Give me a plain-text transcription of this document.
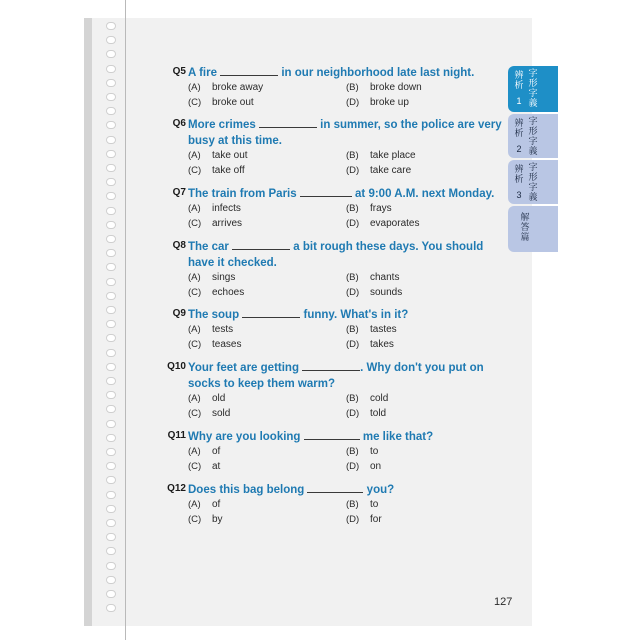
Q5 A fire	in our neighborhood late last night.
(A) broke away	(B) broke down
(C) broke out	(D) broke up
Q6 More crimes	in summer, so the police are very busy at this time.
(A) take out	(B) take place
(C) take off	(D) take care
Q7 The train from Paris	at 9:00 A.M. next Monday.
(A) infects	(B) frays
(C) arrives	(D) evaporates
Q8 The car	a bit rough these days. You should have it checked.
(A) sings	(B) chants
(C) echoes	(D) sounds
Q9 The soup	funny. What's in it?
(A) tests	(B) tastes
(C) teases	(D) takes
Q10 Your feet are getting	. Why don't you put on socks to keep them warm?
(A) old	(B) cold
(C) sold	(D) told
Q11 Why are you looking	me like that?
(A) of	(B) to
(C) at	(D) on
Q12 Does this bag belong	you?
(A) of	(B) to
(C) by	(D) for
辨析
字形字義
1
辨析
字形字義
2
辨析
字形字義
3
解答篇
127
